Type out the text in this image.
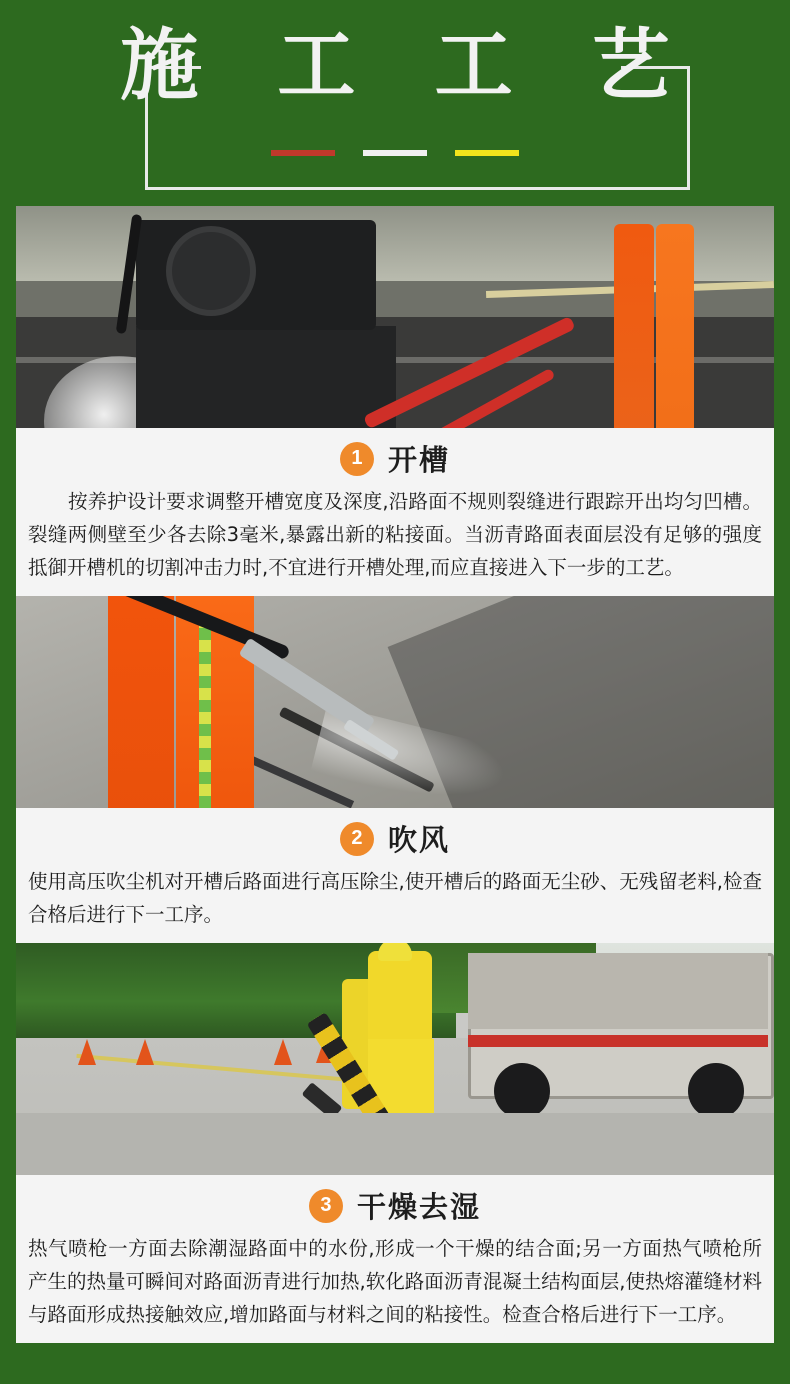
施 工 工 艺
1 开槽
按养护设计要求调整开槽宽度及深度,沿路面不规则裂缝进行跟踪开出均匀凹槽。裂缝两侧壁至少各去除3毫米,暴露出新的粘接面。当沥青路面表面层没有足够的强度抵御开槽机的切割冲击力时,不宜进行开槽处理,而应直接进入下一步的工艺。
2 吹风
使用高压吹尘机对开槽后路面进行高压除尘,使开槽后的路面无尘砂、无残留老料,检查合格后进行下一工序。
3 干燥去湿
热气喷枪一方面去除潮湿路面中的水份,形成一个干燥的结合面;另一方面热气喷枪所产生的热量可瞬间对路面沥青进行加热,软化路面沥青混凝土结构面层,使热熔灌缝材料与路面形成热接触效应,增加路面与材料之间的粘接性。检查合格后进行下一工序。
